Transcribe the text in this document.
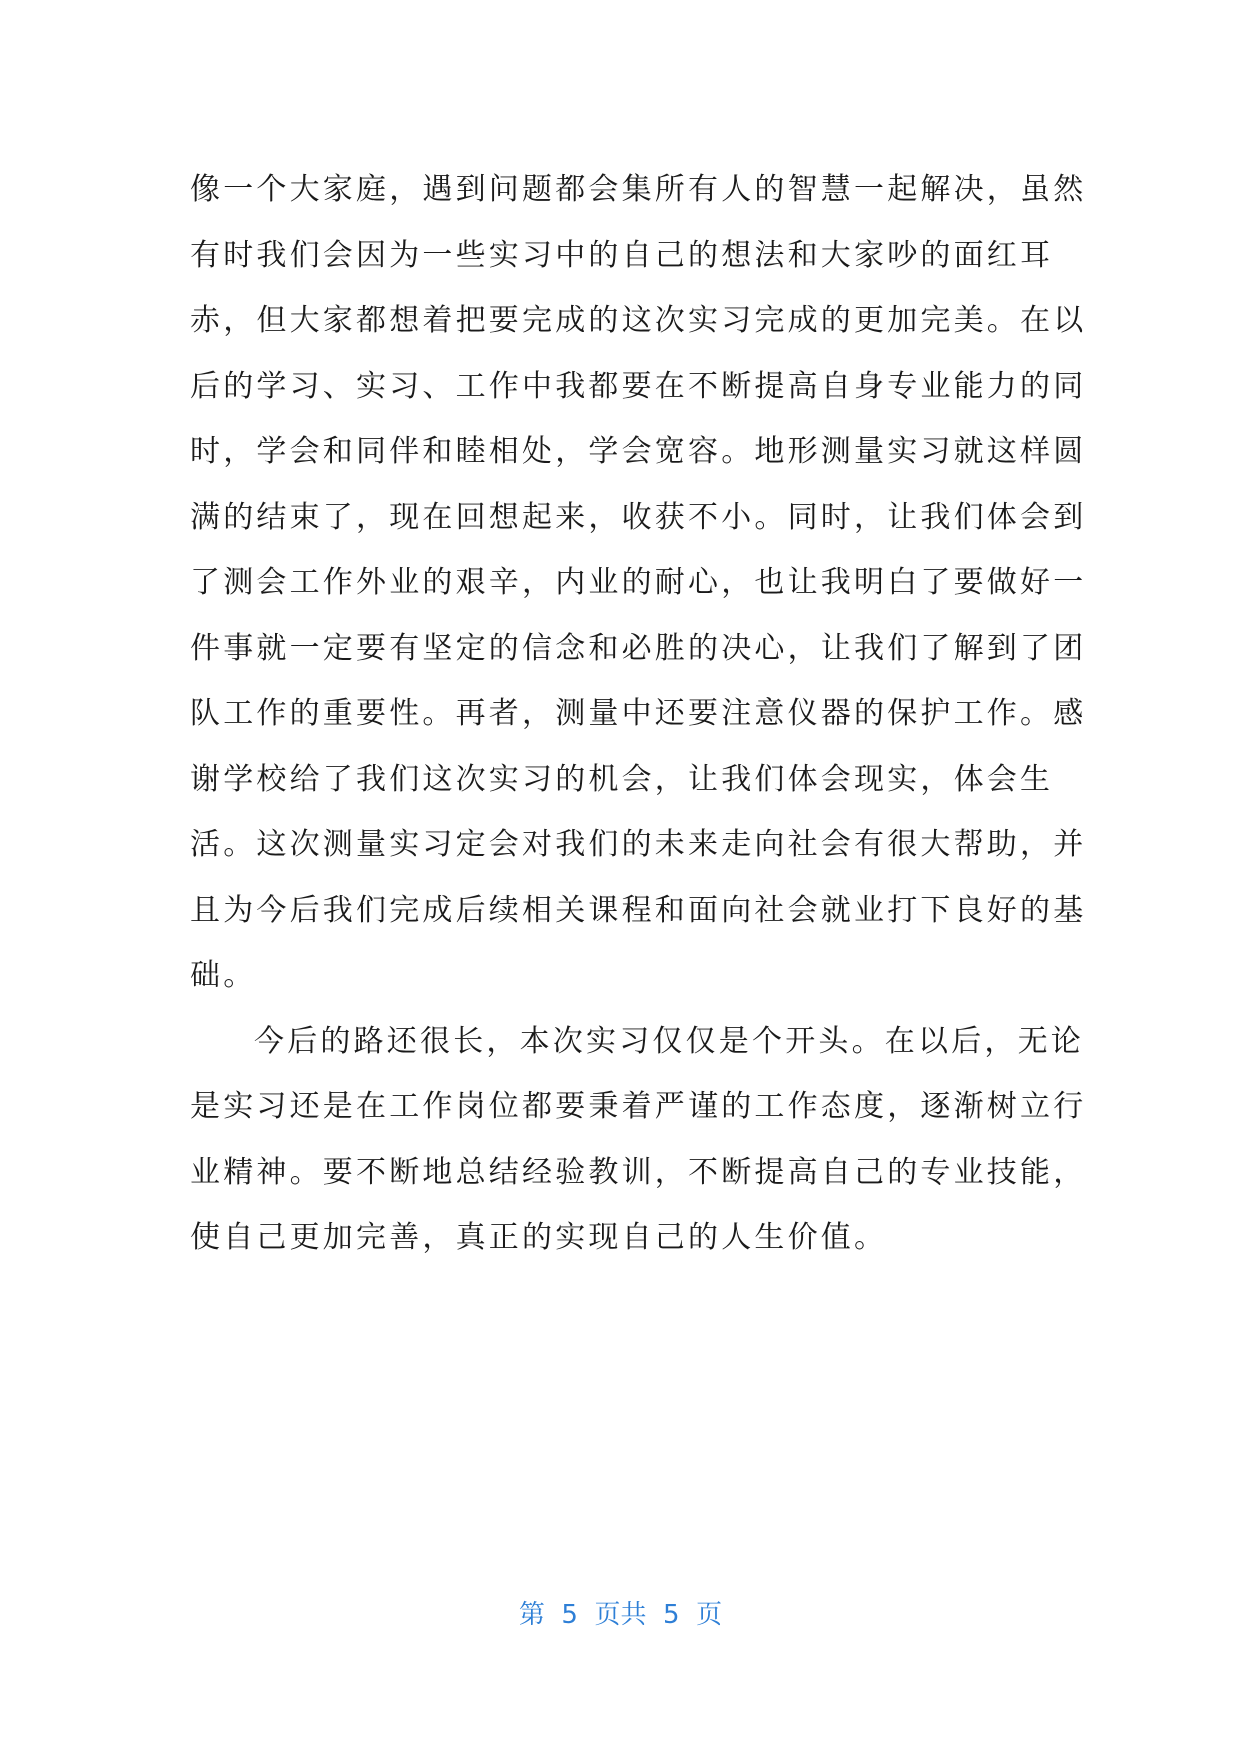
像一个大家庭，遇到问题都会集所有人的智慧一起解决，虽然
有时我们会因为一些实习中的自己的想法和大家吵的面红耳
赤，但大家都想着把要完成的这次实习完成的更加完美。在以
后的学习、实习、工作中我都要在不断提高自身专业能力的同
时，学会和同伴和睦相处，学会宽容。地形测量实习就这样圆
满的结束了，现在回想起来，收获不小。同时，让我们体会到
了测会工作外业的艰辛，内业的耐心，也让我明白了要做好一
件事就一定要有坚定的信念和必胜的决心，让我们了解到了团
队工作的重要性。再者，测量中还要注意仪器的保护工作。感
谢学校给了我们这次实习的机会，让我们体会现实，体会生
活。这次测量实习定会对我们的未来走向社会有很大帮助，并
且为今后我们完成后续相关课程和面向社会就业打下良好的基
础。
今后的路还很长，本次实习仅仅是个开头。在以后，无论
是实习还是在工作岗位都要秉着严谨的工作态度，逐渐树立行
业精神。要不断地总结经验教训，不断提高自己的专业技能，
使自己更加完善，真正的实现自己的人生价值。
第  5  页共  5  页
